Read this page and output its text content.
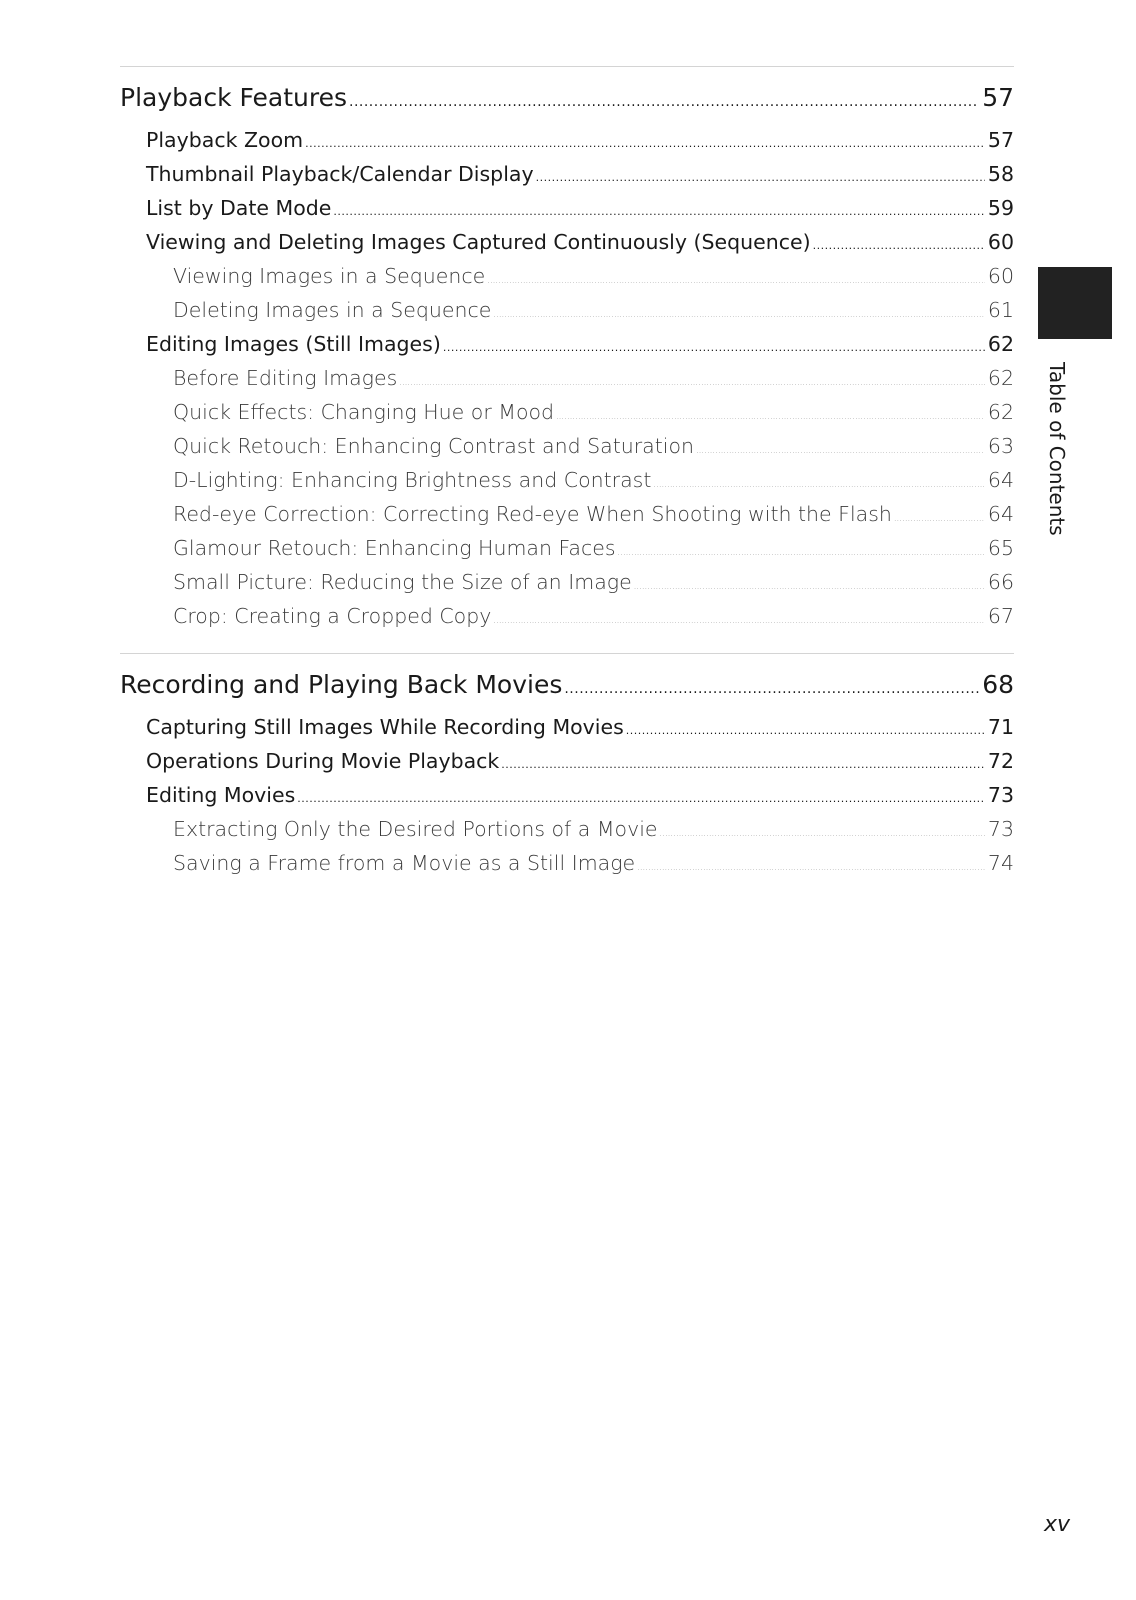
Playback Features .....	57
Playback Zoom .....	57
Thumbnail Playback/Calendar Display .....	58
List by Date Mode .....	59
Viewing and Deleting Images Captured Continuously (Sequence) .....	60
Viewing Images in a Sequence .....	60
Deleting Images in a Sequence .....	61
Editing Images (Still Images) .....	62
Before Editing Images .....	62
Quick Effects: Changing Hue or Mood .....	62
Quick Retouch: Enhancing Contrast and Saturation .....	63
D-Lighting: Enhancing Brightness and Contrast .....	64
Red-eye Correction: Correcting Red-eye When Shooting with the Flash .....	64
Glamour Retouch: Enhancing Human Faces .....	65
Small Picture: Reducing the Size of an Image .....	66
Crop: Creating a Cropped Copy .....	67
Recording and Playing Back Movies .....	68
Capturing Still Images While Recording Movies .....	71
Operations During Movie Playback .....	72
Editing Movies .....	73
Extracting Only the Desired Portions of a Movie .....	73
Saving a Frame from a Movie as a Still Image .....	74
Table of Contents
xv
